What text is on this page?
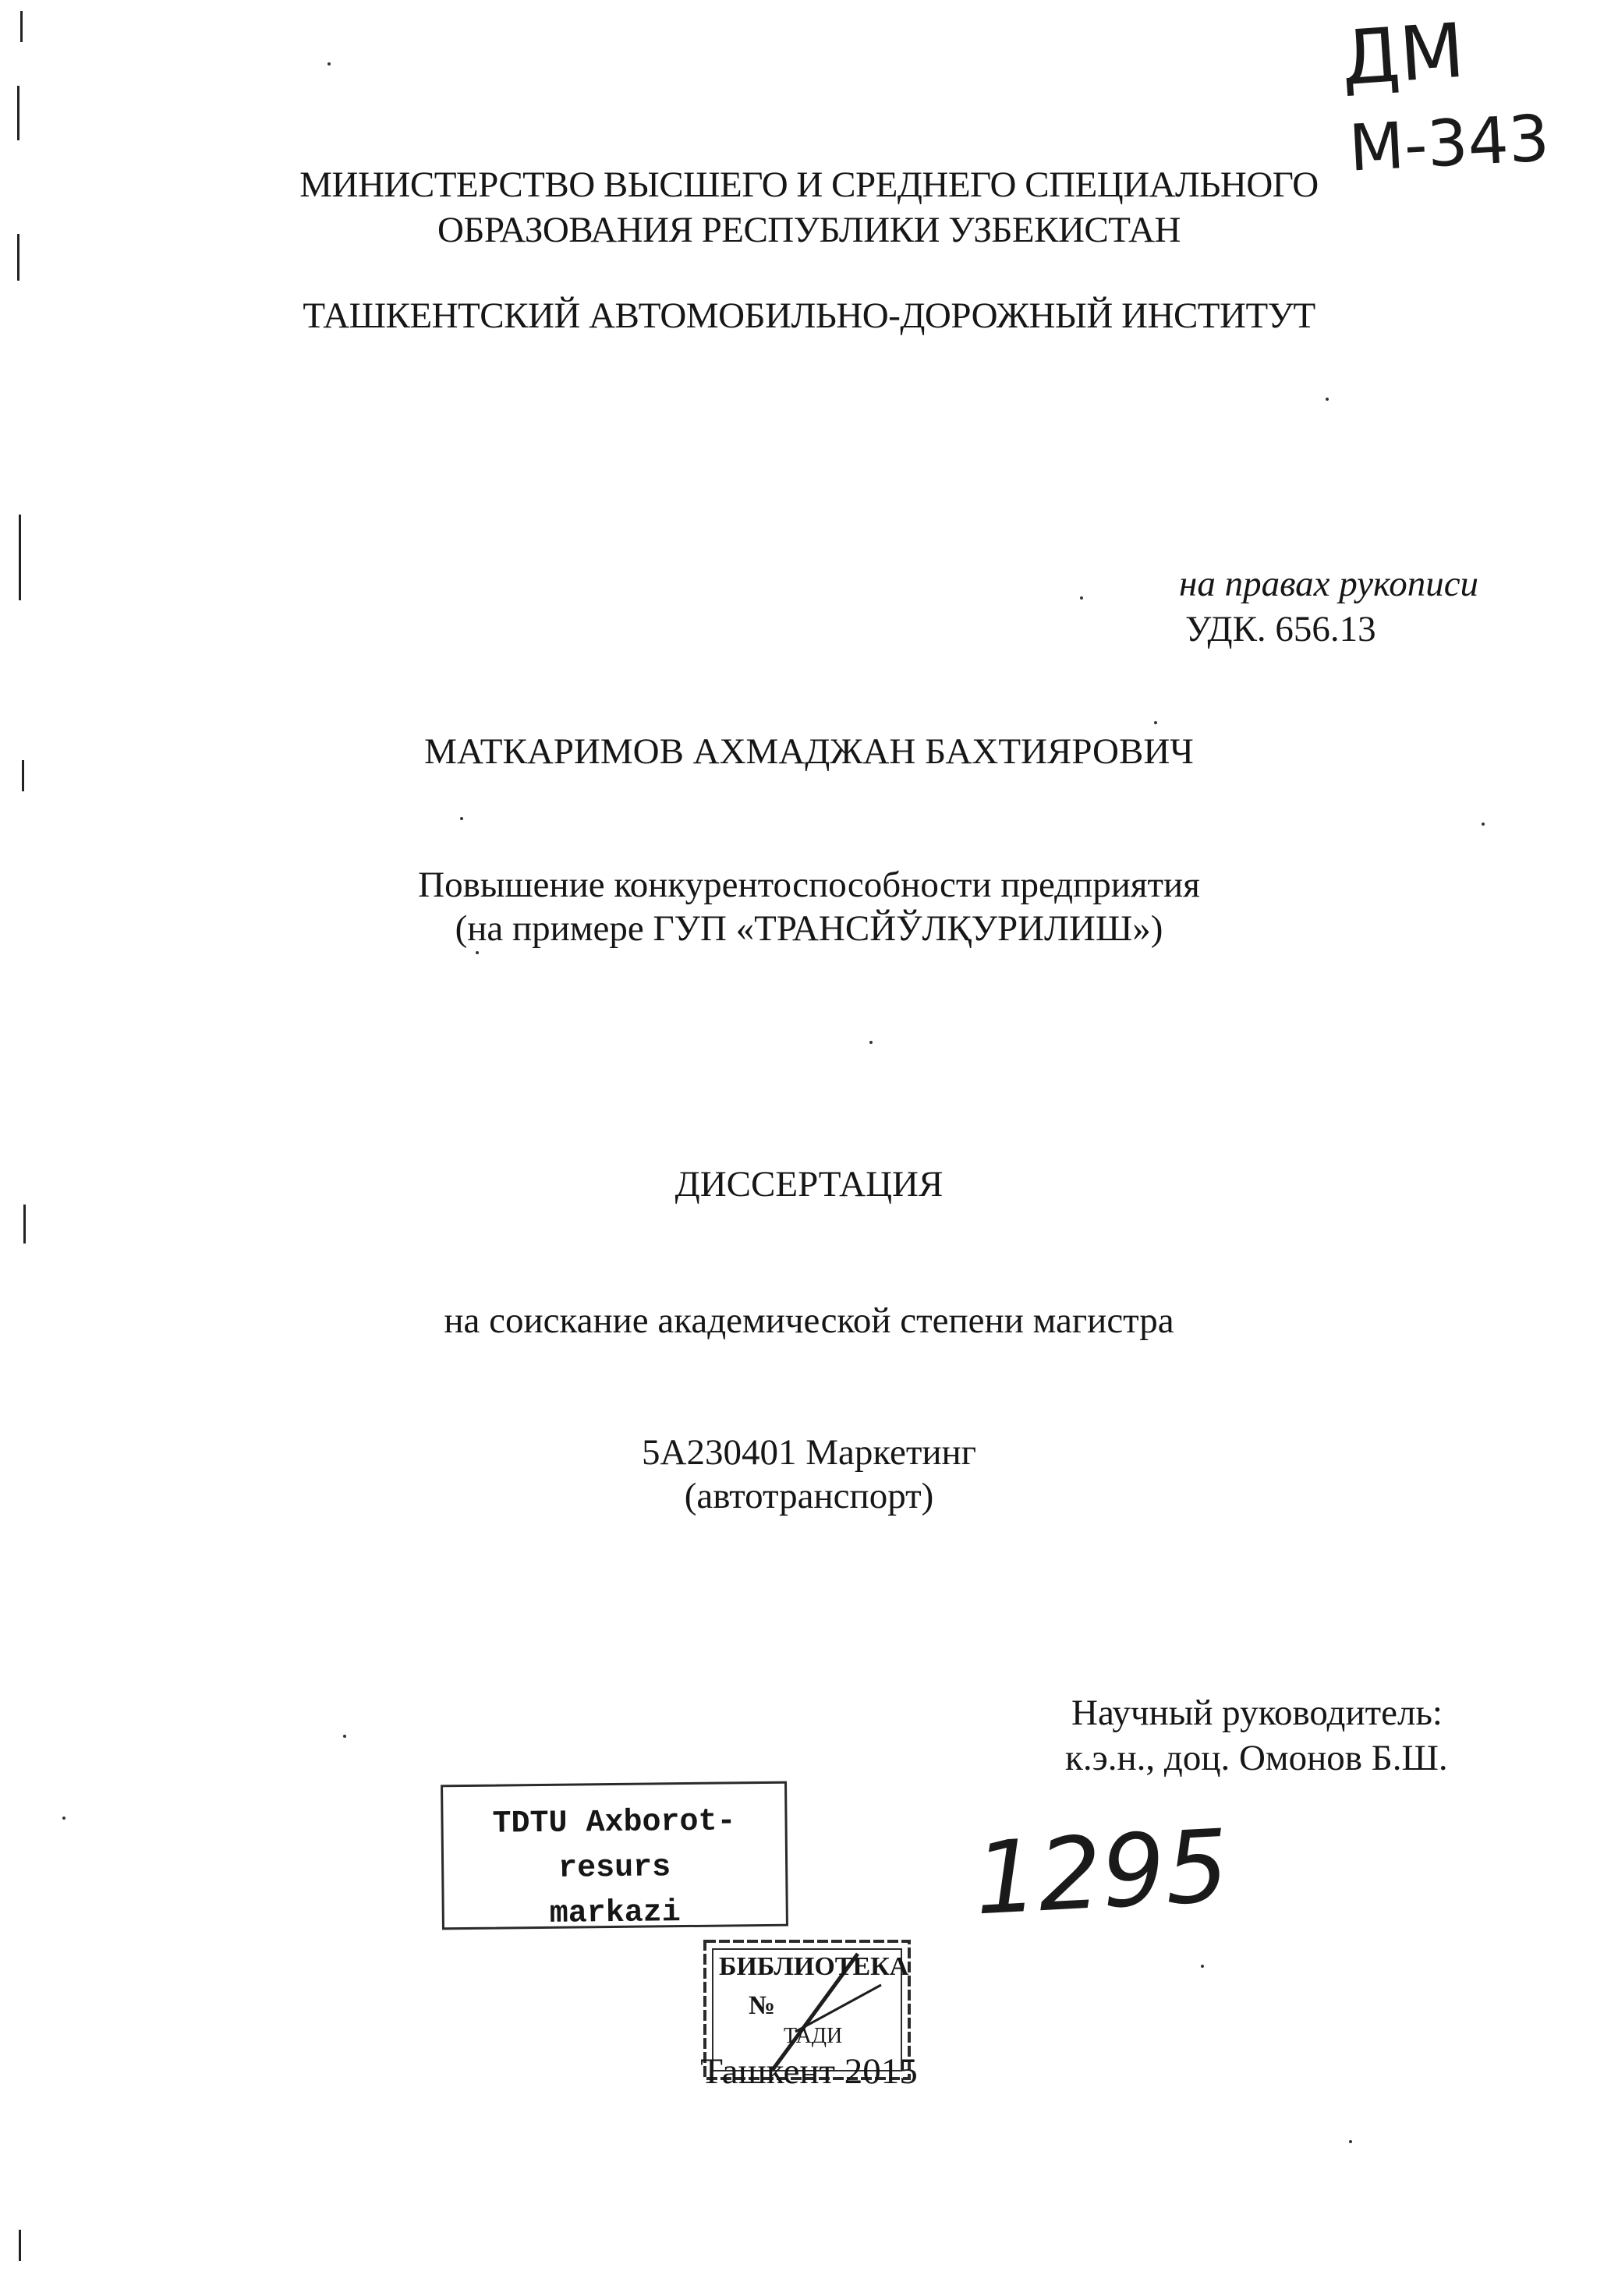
ДМ
М-343
МИНИСТЕРСТВО ВЫСШЕГО И СРЕДНЕГО СПЕЦИАЛЬНОГО
ОБРАЗОВАНИЯ РЕСПУБЛИКИ УЗБЕКИСТАН
ТАШКЕНТСКИЙ АВТОМОБИЛЬНО-ДОРОЖНЫЙ ИНСТИТУТ
на правах рукописи
УДК. 656.13
МАТКАРИМОВ АХМАДЖАН БАХТИЯРОВИЧ
Повышение конкурентоспособности предприятия
(на примере ГУП «ТРАНСЙЎЛҚУРИЛИШ»)
ДИССЕРТАЦИЯ
на соискание академической степени магистра
5А230401 Маркетинг
(автотранспорт)
Научный руководитель:
к.э.н., доц. Омонов Б.Ш.
TDTU Axborot-resurs
markazi	1295
БИБЛИОТЕКА
№
ТАДИ
Ташкент 2015
